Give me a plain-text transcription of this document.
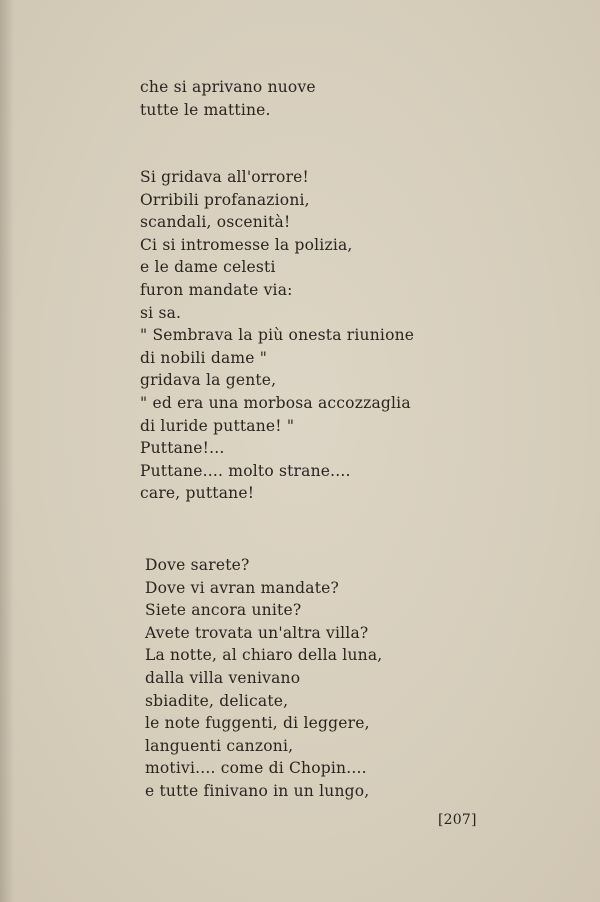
che si aprivano nuove
tutte le mattine.
Si gridava all'orrore!
Orribili profanazioni,
scandali, oscenità!
Ci si intromesse la polizia,
e le dame celesti
furon mandate via:
si sa.
" Sembrava la più onesta riunione
di nobili dame "
gridava la gente,
" ed era una morbosa accozzaglia
di luride puttane! "
Puttane!...
Puttane.... molto strane....
care, puttane!
Dove sarete?
Dove vi avran mandate?
Siete ancora unite?
Avete trovata un'altra villa?
La notte, al chiaro della luna,
dalla villa venivano
sbiadite, delicate,
le note fuggenti, di leggere,
languenti canzoni,
motivi.... come di Chopin....
e tutte finivano in un lungo,
[207]
